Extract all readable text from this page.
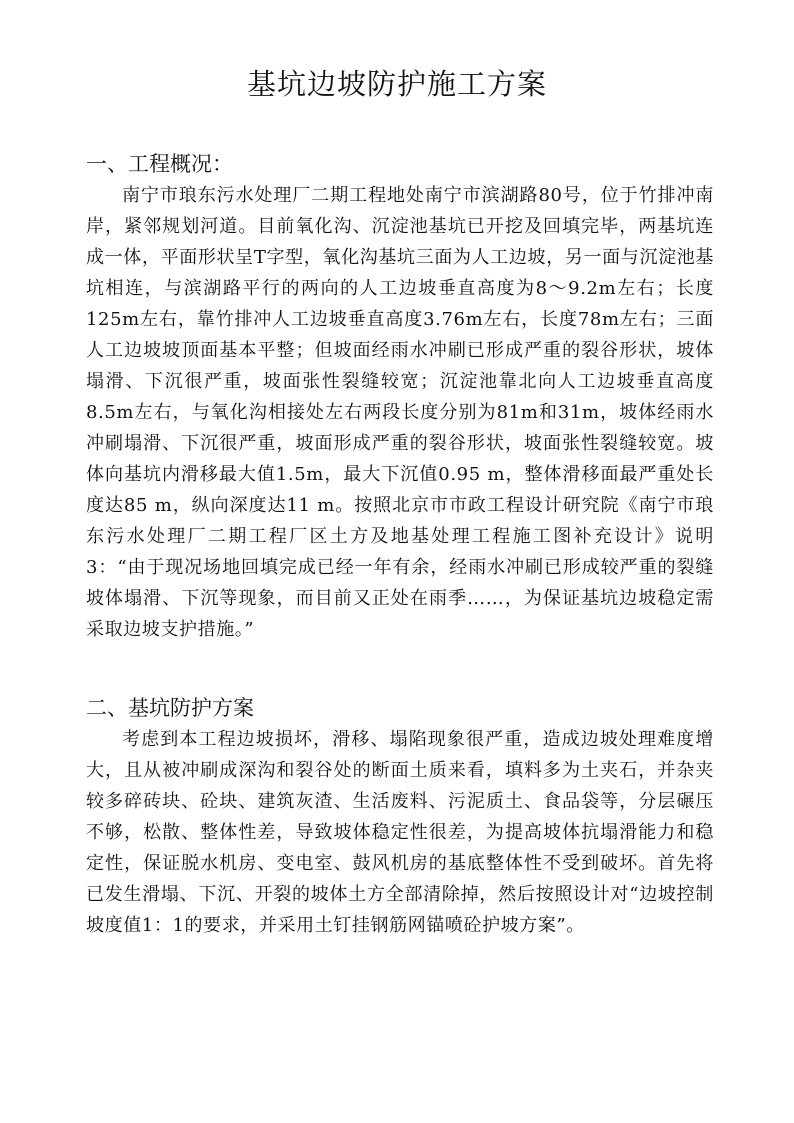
基坑边坡防护施工方案
一、工程概况：

南宁市琅东污水处理厂二期工程地处南宁市滨湖路80号，位于竹排冲南岸，紧邻规划河道。目前氧化沟、沉淀池基坑已开挖及回填完毕，两基坑连成一体，平面形状呈T字型，氧化沟基坑三面为人工边坡，另一面与沉淀池基坑相连，与滨湖路平行的两向的人工边坡垂直高度为8～9.2m左右；长度125m左右，靠竹排冲人工边坡垂直高度3.76m左右，长度78m左右；三面人工边坡坡顶面基本平整；但坡面经雨水冲刷已形成严重的裂谷形状，坡体塌滑、下沉很严重，坡面张性裂缝较宽；沉淀池靠北向人工边坡垂直高度8.5m左右，与氧化沟相接处左右两段长度分别为81m和31m，坡体经雨水冲刷塌滑、下沉很严重，坡面形成严重的裂谷形状，坡面张性裂缝较宽。坡体向基坑内滑移最大值1.5m，最大下沉值0.95 m，整体滑移面最严重处长度达85 m，纵向深度达11 m。按照北京市市政工程设计研究院《南宁市琅东污水处理厂二期工程厂区土方及地基处理工程施工图补充设计》说明3：“由于现况场地回填完成已经一年有余，经雨水冲刷已形成较严重的裂缝坡体塌滑、下沉等现象，而目前又正处在雨季……，为保证基坑边坡稳定需采取边坡支护措施。”

二、基坑防护方案

考虑到本工程边坡损坏，滑移、塌陷现象很严重，造成边坡处理难度增大，且从被冲刷成深沟和裂谷处的断面土质来看，填料多为土夹石，并杂夹较多碎砖块、砼块、建筑灰渣、生活废料、污泥质土、食品袋等，分层碾压不够，松散、整体性差，导致坡体稳定性很差，为提高坡体抗塌滑能力和稳定性，保证脱水机房、变电室、鼓风机房的基底整体性不受到破坏。首先将已发生滑塌、下沉、开裂的坡体土方全部清除掉，然后按照设计对“边坡控制坡度值1：1的要求，并采用土钉挂钢筋网锚喷砼护坡方案”。
